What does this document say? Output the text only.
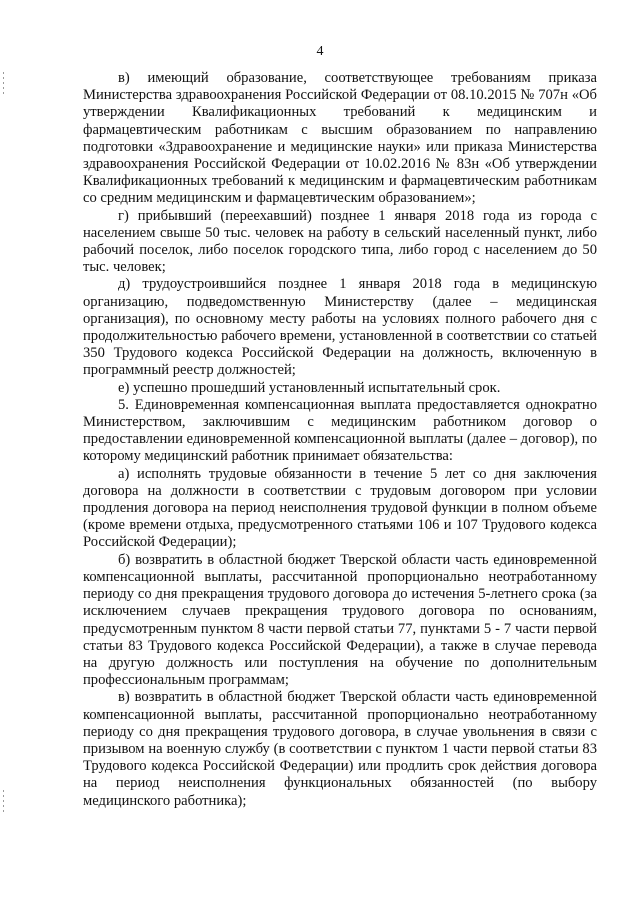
4

в) имеющий образование, соответствующее требованиям приказа Министерства здравоохранения Российской Федерации от 08.10.2015 № 707н «Об утверждении Квалификационных требований к медицинским и фармацевтическим работникам с высшим образованием по направлению подготовки «Здравоохранение и медицинские науки» или приказа Министерства здравоохранения Российской Федерации от 10.02.2016 № 83н «Об утверждении Квалификационных требований к медицинским и фармацевтическим работникам со средним медицинским и фармацевтическим образованием»;

г) прибывший (переехавший) позднее 1 января 2018 года из города с населением свыше 50 тыс. человек на работу в сельский населенный пункт, либо рабочий поселок, либо поселок городского типа, либо город с населением до 50 тыс. человек;

д) трудоустроившийся позднее 1 января 2018 года в медицинскую организацию, подведомственную Министерству (далее – медицинская организация), по основному месту работы на условиях полного рабочего дня с продолжительностью рабочего времени, установленной в соответствии со статьей 350 Трудового кодекса Российской Федерации на должность, включенную в программный реестр должностей;

е) успешно прошедший установленный испытательный срок.

5. Единовременная компенсационная выплата предоставляется однократно Министерством, заключившим с медицинским работником договор о предоставлении единовременной компенсационной выплаты (далее – договор), по которому медицинский работник принимает обязательства:

а) исполнять трудовые обязанности в течение 5 лет со дня заключения договора на должности в соответствии с трудовым договором при условии продления договора на период неисполнения трудовой функции в полном объеме (кроме времени отдыха, предусмотренного статьями 106 и 107 Трудового кодекса Российской Федерации);

б) возвратить в областной бюджет Тверской области часть единовременной компенсационной выплаты, рассчитанной пропорционально неотработанному периоду со дня прекращения трудового договора до истечения 5-летнего срока (за исключением случаев прекращения трудового договора по основаниям, предусмотренным пунктом 8 части первой статьи 77, пунктами 5 - 7 части первой статьи 83 Трудового кодекса Российской Федерации), а также в случае перевода на другую должность или поступления на обучение по дополнительным профессиональным программам;

в) возвратить в областной бюджет Тверской области часть единовременной компенсационной выплаты, рассчитанной пропорционально неотработанному периоду со дня прекращения трудового договора, в случае увольнения в связи с призывом на военную службу (в соответствии с пунктом 1 части первой статьи 83 Трудового кодекса Российской Федерации) или продлить срок действия договора на период неисполнения функциональных обязанностей (по выбору медицинского работника);
